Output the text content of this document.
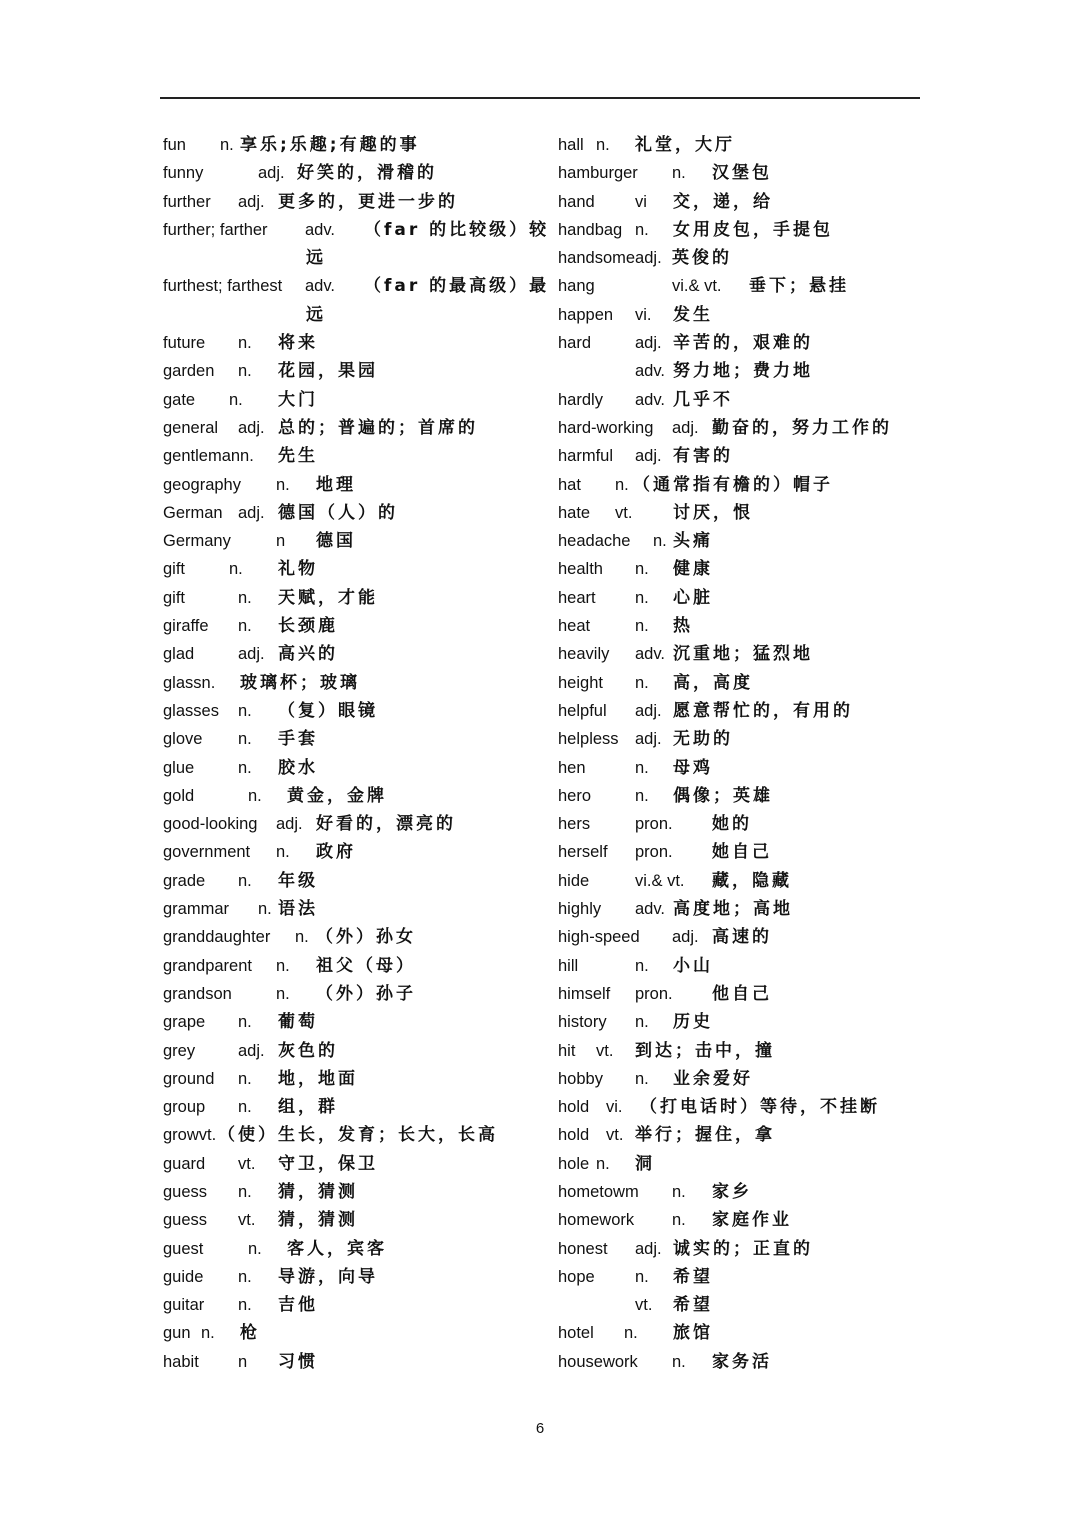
fun n. 享乐;乐趣;有趣的事
funny	adj. 好笑的，滑稽的
further adj. 更多的，更进一步的
further; farther adv. （far 的比较级）较
远
furthest; farthest adv. （far 的最高级）最
远
future n. 将来
garden n. 花园，果园
gate n. 大门
general adj. 总的；普遍的；首席的
gentlemann. 先生
geography n. 地理
German adj. 德国（人）的
Germany	n 德国
gift	n. 礼物
gift	n. 天赋，才能
giraffe n. 长颈鹿
glad	adj. 高兴的
glassn. 玻璃杯；玻璃
glasses n. （复）眼镜
glove n. 手套
glue	n. 胶水
gold	n. 黄金，金牌
good-looking adj. 好看的，漂亮的
government n. 政府
grade n. 年级
grammar n. 语法
granddaughter n. （外）孙女
grandparent n. 祖父（母）
grandson	n. （外）孙子
grape n. 葡萄
grey	adj. 灰色的
ground n. 地，地面
group n. 组，群
growvt. （使）生长，发育；长大，长高
guard vt. 守卫，保卫
guess n. 猜，猜测
guess vt. 猜，猜测
guest	n. 客人，宾客
guide n. 导游，向导
guitar n. 吉他
gun n. 枪
habit n 习惯
hall n. 礼堂，大厅
hamburger n. 汉堡包
hand vi 交，递，给
handbag n. 女用皮包，手提包
handsomeadj. 英俊的
hang	vi.& vt. 垂下；悬挂
happen vi. 发生
hard	adj. 辛苦的，艰难的
adv. 努力地；费力地
hardly adv. 几乎不
hard-working adj. 勤奋的，努力工作的
harmful adj. 有害的
hat n. （通常指有檐的）帽子
hate vt. 讨厌，恨
headache n. 头痛
health n. 健康
heart n. 心脏
heat	n. 热
heavily adv. 沉重地；猛烈地
height n. 高，高度
helpful adj. 愿意帮忙的，有用的
helpless adj. 无助的
hen	n. 母鸡
hero	n. 偶像；英雄
hers	pron. 她的
herself pron. 她自己
hide	vi.& vt. 藏，隐藏
highly adv. 高度地；高地
high-speed adj. 高速的
hill	n. 小山
himself pron. 他自己
history n. 历史
hit vt. 到达；击中，撞
hobby n. 业余爱好
hold vi. （打电话时）等待，不挂断
hold vt. 举行；握住，拿
hole n. 洞
hometowm n. 家乡
homework n. 家庭作业
honest adj. 诚实的；正直的
hope n. 希望
vt. 希望
hotel n. 旅馆
housework n. 家务活
6
